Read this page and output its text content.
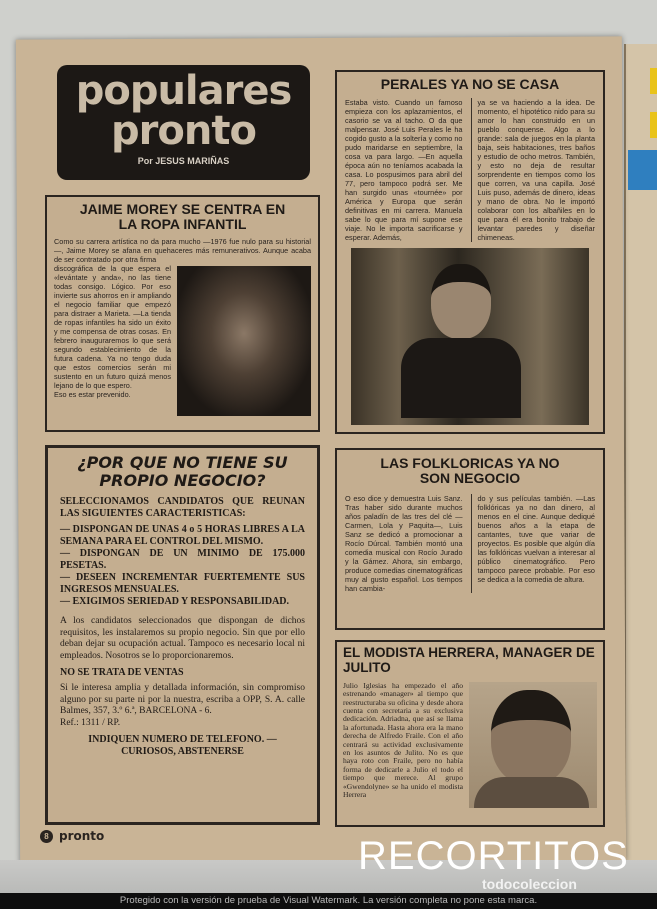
populares
pronto
Por JESUS MARIÑAS
JAIME MOREY SE CENTRA EN LA ROPA INFANTIL
Como su carrera artística no da para mucho —1976 fue nulo para su historial—, Jaime Morey se afana en quehaceres más remunerativos. Aunque acaba de ser contratado por otra firma
discográfica de la que espera el «levántate y anda», no las tiene todas consigo. Lógico. Por eso invierte sus ahorros en ir ampliando el negocio familiar que empezó para distraer a Marieta. —La tienda de ropas infantiles ha sido un éxito y me compensa de otras cosas. En febrero inauguraremos lo que será segundo establecimiento de la futura cadena. Ya no tengo duda que estos comercios serán mi sustento en un futuro quizá menos lejano de lo que espero.
Eso es estar prevenido.
PERALES YA NO SE CASA
Estaba visto. Cuando un famoso empieza con los aplazamientos, el casorio se va al tacho. O da que malpensar. José Luis Perales le ha cogido gusto a la soltería y como no pudo maridarse en septiembre, la cosa va para largo. —En aquella época aún no teníamos acabada la casa. Lo pospusimos para abril del 77, pero tampoco podrá ser. Me han surgido unas «tournée» por América y Europa que serán definitivas en mi carrera. Manuela sabe lo que para mí supone ese viaje. No le importa sacrificarse y esperar. Además,
ya se va haciendo a la idea. De momento, el hipotético nido para su amor lo han construido en un pueblo conquense. Algo a lo grande: sala de juegos en la planta baja, seis habitaciones, tres baños y estudio de ocho metros. También, y esto no deja de resultar sorprendente en tiempos como los que corren, va una capilla. José Luis puso, además de dinero, ideas y mano de obra. No le importó colaborar con los albañiles en lo que para él era bonito trabajo de levantar paredes y diseñar chimeneas.
¿POR QUE NO TIENE SU PROPIO NEGOCIO?
SELECCIONAMOS CANDIDATOS QUE REUNAN LAS SIGUIENTES CARACTERISTICAS:
— DISPONGAN DE UNAS 4 o 5 HORAS LIBRES A LA SEMANA PARA EL CONTROL DEL MISMO.
— DISPONGAN DE UN MINIMO DE 175.000 PESETAS.
— DESEEN INCREMENTAR FUERTEMENTE SUS INGRESOS MENSUALES.
— EXIGIMOS SERIEDAD Y RESPONSABILIDAD.
A los candidatos seleccionados que dispongan de dichos requisitos, les instalaremos su propio negocio. Sin que por ello deban dejar su ocupación actual. Tampoco es necesario local ni empleados. Nosotros se lo proporcionaremos.
NO SE TRATA DE VENTAS
Si le interesa amplia y detallada información, sin compromiso alguno por su parte ni por la nuestra, escriba a OPP, S. A. calle Balmes, 357, 3.º 6.ª, BARCELONA - 6.
Ref.: 1311 / RP.
INDIQUEN NUMERO DE TELEFONO. — CURIOSOS, ABSTENERSE
LAS FOLKLORICAS YA NO SON NEGOCIO
O eso dice y demuestra Luis Sanz. Tras haber sido durante muchos años paladín de las tres del clé —Carmen, Lola y Paquita—, Luis Sanz se dedicó a promocionar a Rocío Dúrcal. También montó una comedia musical con Rocío Jurado y la Gámez. Ahora, sin embargo, produce comedias cinematográficas muy al gusto español. Los tiempos han cambia-
do y sus películas también. —Las folklóricas ya no dan dinero, al menos en el cine. Aunque dediqué buenos años a la etapa de cantantes, tuve que variar de proyectos. Es posible que algún día las folklóricas vuelvan a interesar al público cinematográfico. Pero tampoco parece probable. Por eso se dedica a la comedia de altura.
EL MODISTA HERRERA, MANAGER DE JULITO
Julio Iglesias ha empezado el año estrenando «manager» al tiempo que reestructuraba su oficina y desde ahora cuenta con secretaria a su exclusiva dedicación. Adriadna, que así se llama la afortunada. Hasta ahora era la mano derecha de Alfredo Fraile. Con el año centrará su actividad exclusivamente en los asuntos de Julito. No es que haya roto con Fraile, pero no había forma de dedicarle a Julio el todo el tiempo que merece. Al grupo «Gwendolyne» se ha unido el modista Herrera
8 pronto	RECORTITOS
todocoleccion
Protegido con la versión de prueba de Visual Watermark. La versión completa no pone esta marca.
